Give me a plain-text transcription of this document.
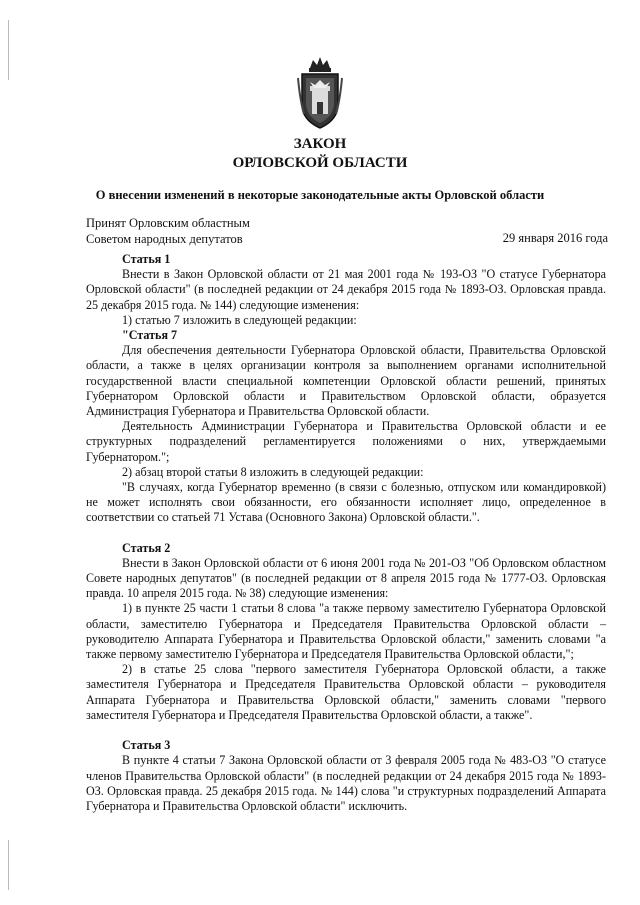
ЗАКОН
ОРЛОВСКОЙ ОБЛАСТИ
О внесении изменений в некоторые законодательные акты Орловской области
Принят Орловским областным
Советом народных депутатов	29 января 2016 года
Статья 1
Внести в Закон Орловской области от 21 мая 2001 года № 193-ОЗ "О статусе Губернатора Орловской области" (в последней редакции от 24 декабря 2015 года № 1893-ОЗ. Орловская правда. 25 декабря 2015 года. № 144) следующие изменения:
1) статью 7 изложить в следующей редакции:
"Статья 7
Для обеспечения деятельности Губернатора Орловской области, Правительства Орловской области, а также в целях организации контроля за выполнением органами исполнительной государственной власти специальной компетенции Орловской области решений, принятых Губернатором Орловской области и Правительством Орловской области, образуется Администрация Губернатора и Правительства Орловской области.
Деятельность Администрации Губернатора и Правительства Орловской области и ее структурных подразделений регламентируется положениями о них, утверждаемыми Губернатором.";
2) абзац второй статьи 8 изложить в следующей редакции:
"В случаях, когда Губернатор временно (в связи с болезнью, отпуском или командировкой) не может исполнять свои обязанности, его обязанности исполняет лицо, определенное в соответствии со статьей 71 Устава (Основного Закона) Орловской области.".
Статья 2
Внести в Закон Орловской области от 6 июня 2001 года № 201-ОЗ "Об Орловском областном Совете народных депутатов" (в последней редакции от 8 апреля 2015 года № 1777-ОЗ. Орловская правда. 10 апреля 2015 года. № 38) следующие изменения:
1) в пункте 25 части 1 статьи 8 слова "а также первому заместителю Губернатора Орловской области, заместителю Губернатора и Председателя Правительства Орловской области – руководителю Аппарата Губернатора и Правительства Орловской области," заменить словами "а также первому заместителю Губернатора и Председателя Правительства Орловской области,";
2) в статье 25 слова "первого заместителя Губернатора Орловской области, а также заместителя Губернатора и Председателя Правительства Орловской области – руководителя Аппарата Губернатора и Правительства Орловской области," заменить словами "первого заместителя Губернатора и Председателя Правительства Орловской области, а также".
Статья 3
В пункте 4 статьи 7 Закона Орловской области от 3 февраля 2005 года № 483-ОЗ "О статусе членов Правительства Орловской области" (в последней редакции от 24 декабря 2015 года № 1893-ОЗ. Орловская правда. 25 декабря 2015 года. № 144) слова "и структурных подразделений Аппарата Губернатора и Правительства Орловской области" исключить.
